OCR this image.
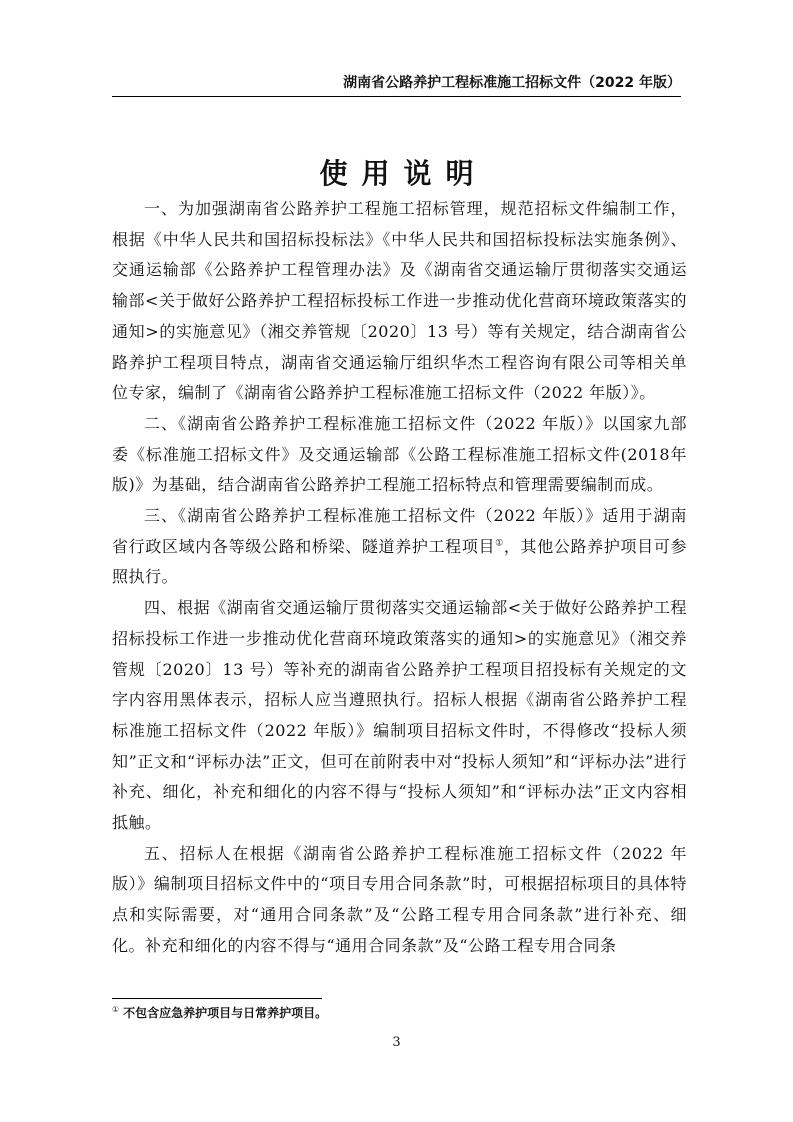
湖南省公路养护工程标准施工招标文件（2022 年版）
使用说明

一、为加强湖南省公路养护工程施工招标管理，规范招标文件编制工作，根据《中华人民共和国招标投标法》《中华人民共和国招标投标法实施条例》、交通运输部《公路养护工程管理办法》及《湖南省交通运输厅贯彻落实交通运输部<关于做好公路养护工程招标投标工作进一步推动优化营商环境政策落实的通知>的实施意见》（湘交养管规〔2020〕13 号）等有关规定，结合湖南省公路养护工程项目特点，湖南省交通运输厅组织华杰工程咨询有限公司等相关单位专家，编制了《湖南省公路养护工程标准施工招标文件（2022 年版）》。

二、《湖南省公路养护工程标准施工招标文件（2022 年版）》以国家九部委《标准施工招标文件》及交通运输部《公路工程标准施工招标文件(2018年版)》为基础，结合湖南省公路养护工程施工招标特点和管理需要编制而成。

三、《湖南省公路养护工程标准施工招标文件（2022 年版）》适用于湖南省行政区域内各等级公路和桥梁、隧道养护工程项目①，其他公路养护项目可参照执行。

四、根据《湖南省交通运输厅贯彻落实交通运输部<关于做好公路养护工程招标投标工作进一步推动优化营商环境政策落实的通知>的实施意见》（湘交养管规〔2020〕13 号）等补充的湖南省公路养护工程项目招投标有关规定的文字内容用黑体表示，招标人应当遵照执行。招标人根据《湖南省公路养护工程标准施工招标文件（2022 年版）》编制项目招标文件时，不得修改“投标人须知”正文和“评标办法”正文，但可在前附表中对“投标人须知”和“评标办法”进行补充、细化，补充和细化的内容不得与“投标人须知”和“评标办法”正文内容相抵触。

五、招标人在根据《湖南省公路养护工程标准施工招标文件（2022 年版）》编制项目招标文件中的“项目专用合同条款”时，可根据招标项目的具体特点和实际需要，对“通用合同条款”及“公路工程专用合同条款”进行补充、细化。补充和细化的内容不得与“通用合同条款”及“公路工程专用合同条

① 不包含应急养护项目与日常养护项目。
3
